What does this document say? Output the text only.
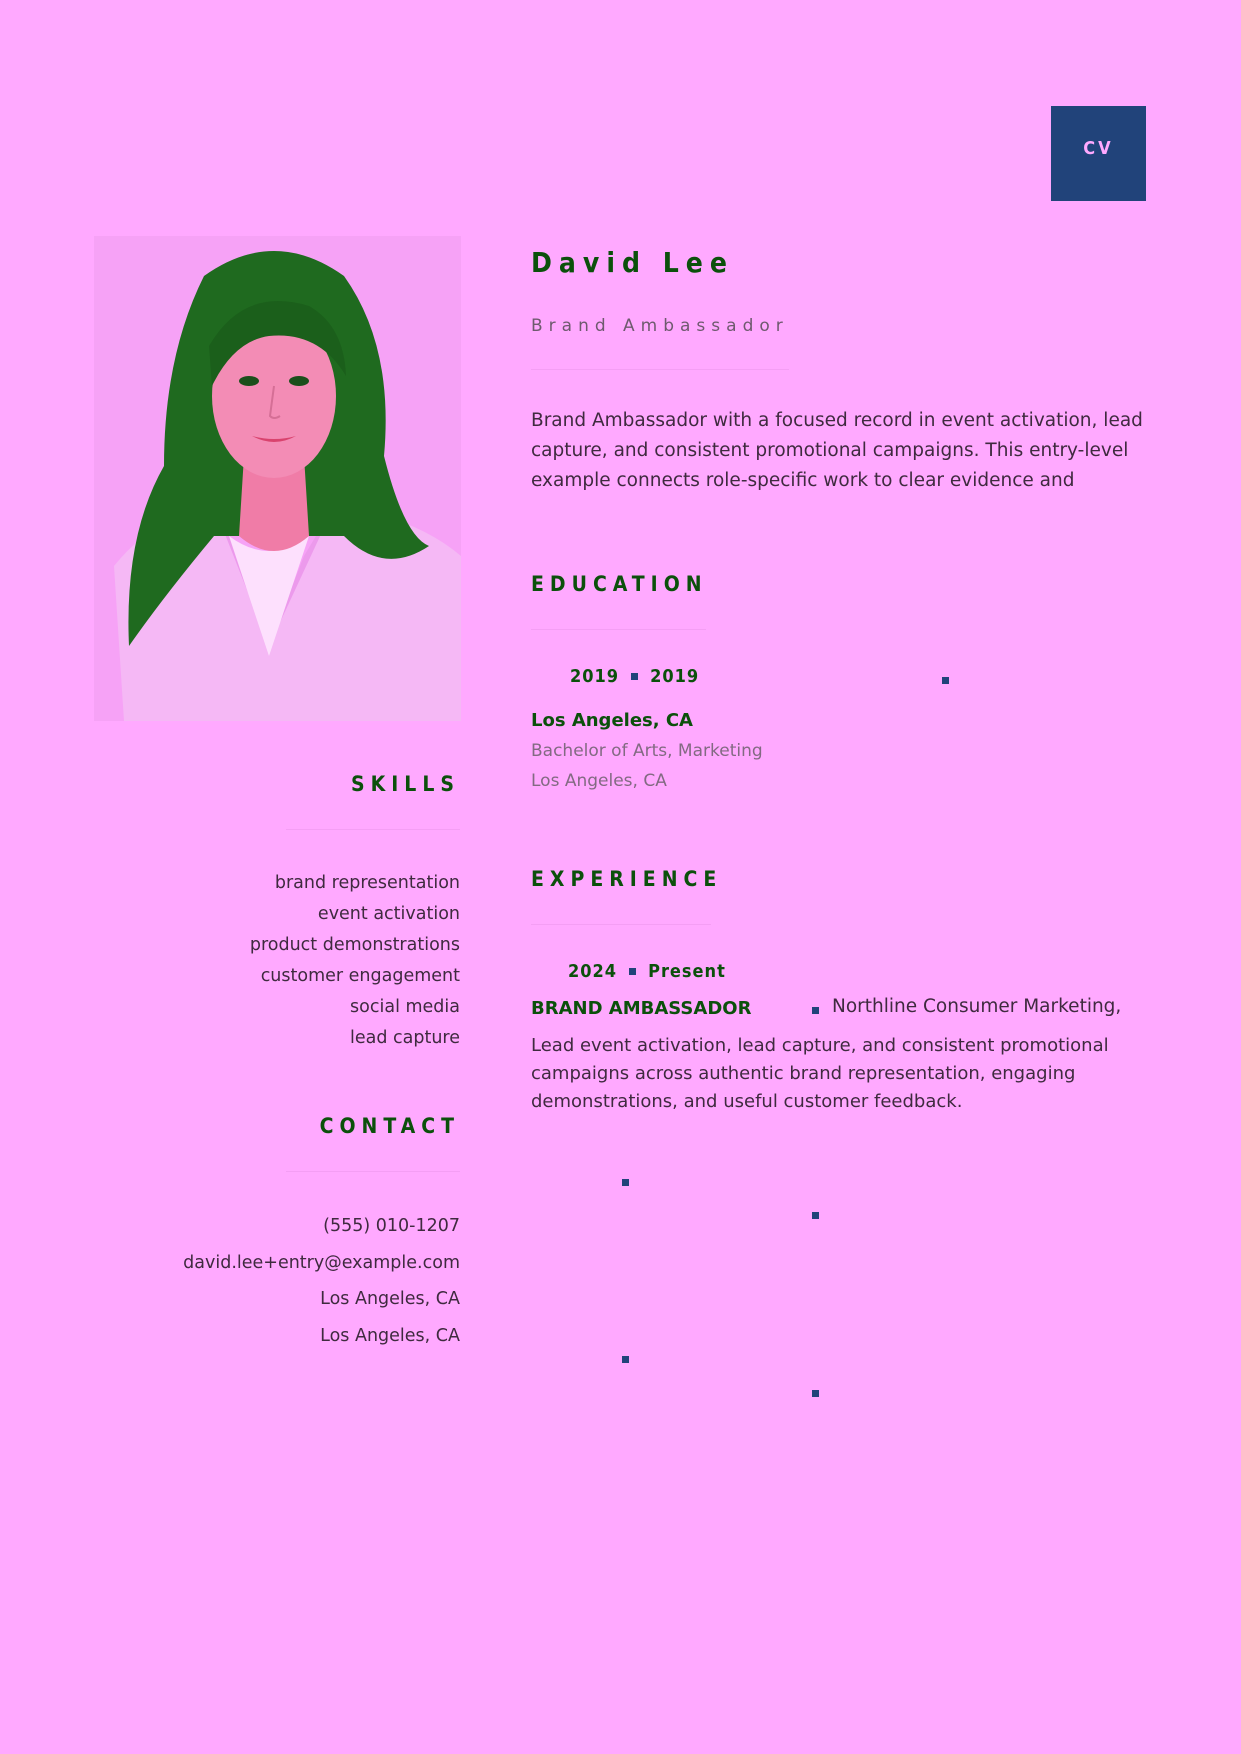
CV
David Lee
Brand Ambassador
Brand Ambassador with a focused record in event activation, lead capture, and consistent promotional campaigns. This entry-level example connects role-specific work to clear evidence and
EDUCATION
2019 2019
Los Angeles, CA
Bachelor of Arts, Marketing
Los Angeles, CA
EXPERIENCE
2024 Present
BRAND AMBASSADOR	Northline Consumer Marketing,
Lead event activation, lead capture, and consistent promotional campaigns across authentic brand representation, engaging demonstrations, and useful customer feedback.
SKILLS
brand representation
event activation
product demonstrations
customer engagement
social media
lead capture
CONTACT
(555) 010-1207
david.lee+entry@example.com
Los Angeles, CA
Los Angeles, CA
